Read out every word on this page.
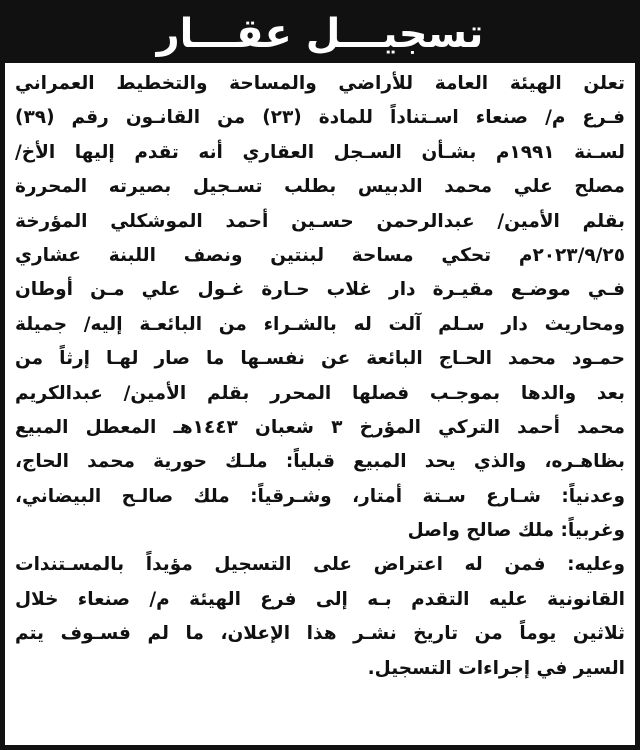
تسجيـــل عقـــار
تعلن الهيئة العامة للأراضي والمساحة والتخطيط العمراني
فـرع م/ صنعاء اسـتناداً للمادة (٢٣) من القانـون رقم (٣٩)
لسـنة ١٩٩١م بشـأن السـجل العقاري أنه تقدم إليها الأخ/
مصلح علي محمد الدبيس بطلب تسـجيل بصيرته المحررة
بقلم الأمين/ عبدالرحمن حسـين أحمد الموشكلي المؤرخة
٢٠٢٣/٩/٢٥م تحكي مساحة لبنتين ونصف اللبنة عشاري
فـي موضـع مقيـرة دار غلاب حـارة غـول علي مـن أوطان
ومحاريث دار سـلم آلت له بالشـراء من البائعـة إليه/ جميلة
حمـود محمد الحـاج البائعة عن نفسـها ما صار لهـا إرثاً من
بعد والدها بموجـب فصلها المحرر بقلم الأمين/ عبدالكريم
محمد أحمد التركي المؤرخ ٣ شعبان ١٤٤٣هـ المعطل المبيع
بظاهـره، والذي يحد المبيع قبلياً: ملـك حورية محمد الحاج،
وعدنياً: شـارع سـتة أمتار، وشـرقياً: ملك صالـح البيضاني،
وغربياً: ملك صالح واصل
وعليه: فمن له اعتراض على التسجيل مؤيداً بالمسـتندات
القانونية عليه التقدم بـه إلى فرع الهيئة م/ صنعاء خلال
ثلاثين يوماً من تاريخ نشـر هذا الإعلان، ما لم فسـوف يتم
السير في إجراءات التسجيل.
